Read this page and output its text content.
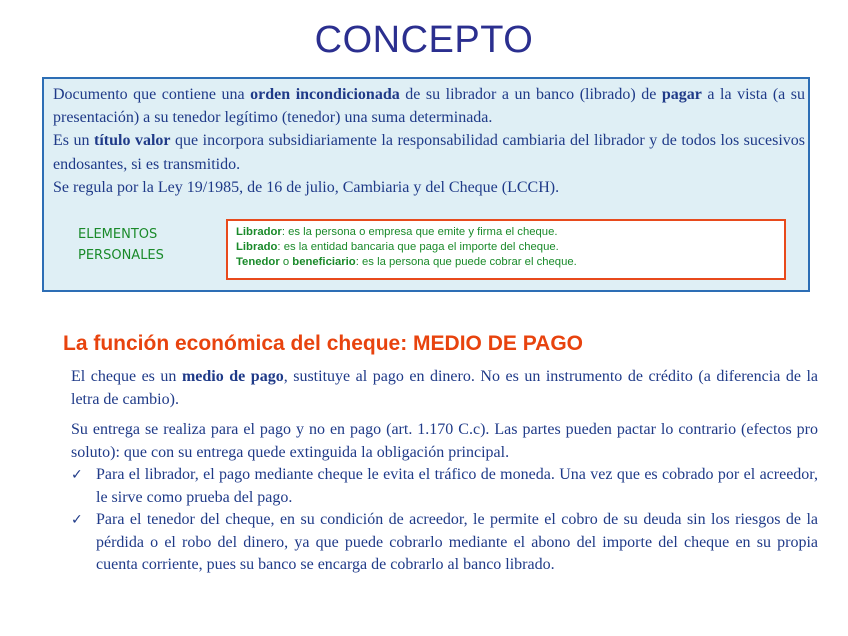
CONCEPTO

Documento que contiene una orden incondicionada de su librador a un banco (librado) de pagar a la vista (a su presentación) a su tenedor legítimo (tenedor) una suma determinada.

Es un título valor que incorpora subsidiariamente la responsabilidad cambiaria del librador y de todos los sucesivos endosantes, si es transmitido.

Se regula por la Ley 19/1985, de 16 de julio, Cambiaria y del Cheque (LCCH).

ELEMENTOS
PERSONALES
Librador: es la persona o empresa que emite y firma el cheque.
Librado: es la entidad bancaria que paga el importe del cheque.
Tenedor o beneficiario: es la persona que puede cobrar el cheque.
La función económica del cheque: MEDIO DE PAGO

El cheque es un medio de pago, sustituye al pago en dinero. No es un instrumento de crédito (a diferencia de la letra de cambio).

Su entrega se realiza para el pago y no en pago (art. 1.170 C.c). Las partes pueden pactar lo contrario (efectos pro soluto): que con su entrega quede extinguida la obligación principal.

✓ Para el librador, el pago mediante cheque le evita el tráfico de moneda. Una vez que es cobrado por el acreedor, le sirve como prueba del pago.
✓ Para el tenedor del cheque, en su condición de acreedor, le permite el cobro de su deuda sin los riesgos de la pérdida o el robo del dinero, ya que puede cobrarlo mediante el abono del importe del cheque en su propia cuenta corriente, pues su banco se encarga de cobrarlo al banco librado.
